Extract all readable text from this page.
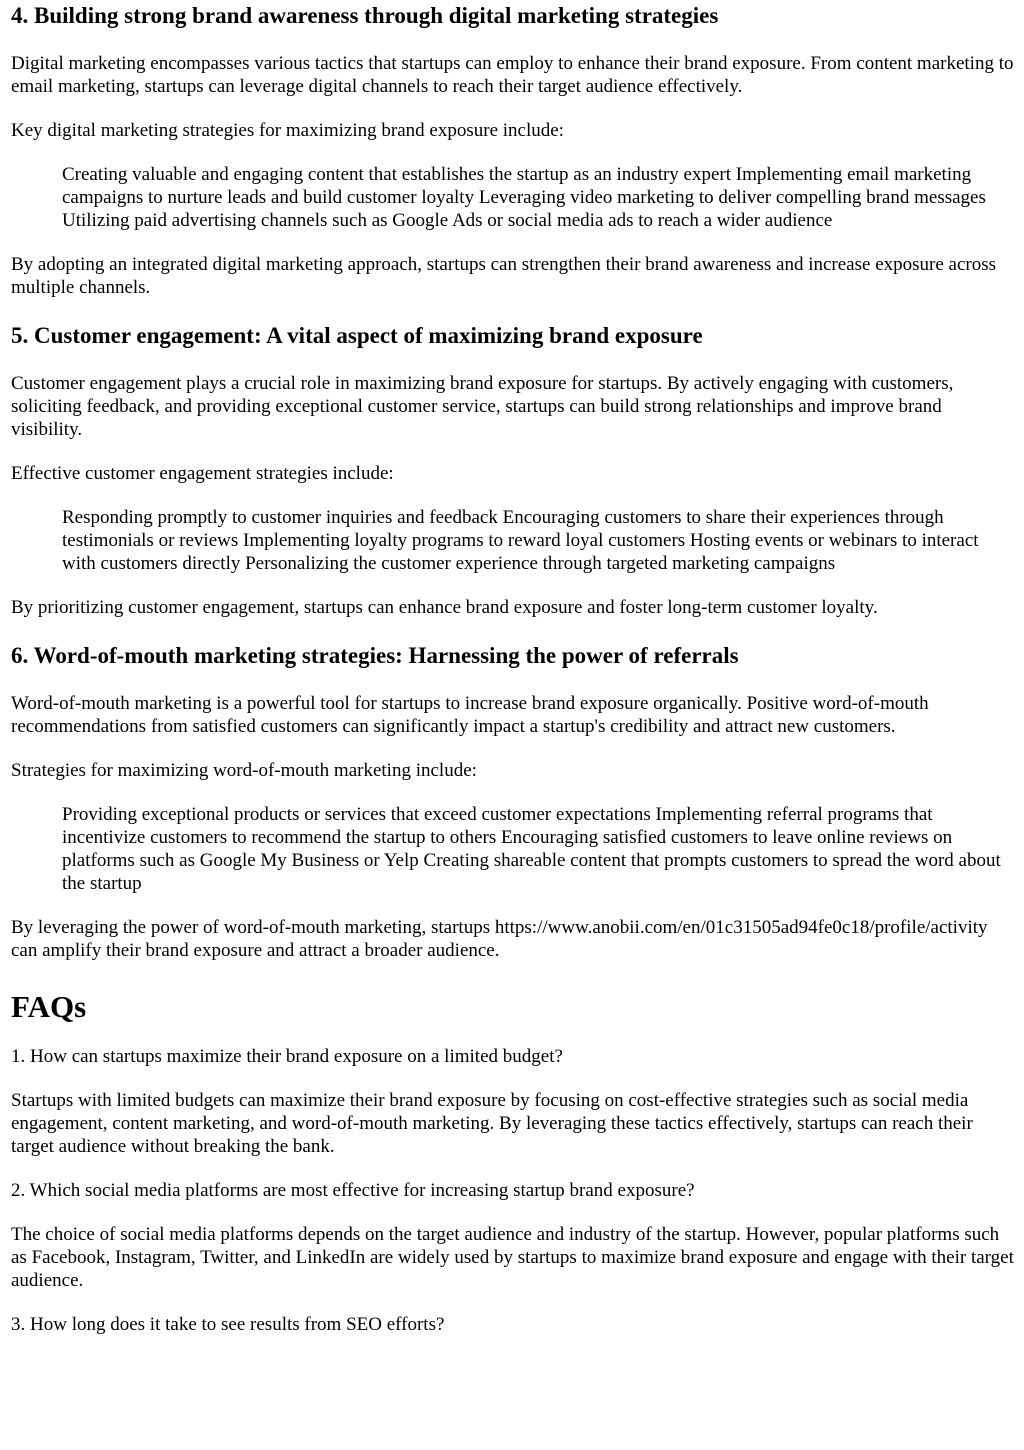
4. Building strong brand awareness through digital marketing strategies

Digital marketing encompasses various tactics that startups can employ to enhance their brand exposure. From content marketing to email marketing, startups can leverage digital channels to reach their target audience effectively.

Key digital marketing strategies for maximizing brand exposure include:

Creating valuable and engaging content that establishes the startup as an industry expert Implementing email marketing campaigns to nurture leads and build customer loyalty Leveraging video marketing to deliver compelling brand messages Utilizing paid advertising channels such as Google Ads or social media ads to reach a wider audience

By adopting an integrated digital marketing approach, startups can strengthen their brand awareness and increase exposure across multiple channels.

5. Customer engagement: A vital aspect of maximizing brand exposure

Customer engagement plays a crucial role in maximizing brand exposure for startups. By actively engaging with customers, soliciting feedback, and providing exceptional customer service, startups can build strong relationships and improve brand visibility.

Effective customer engagement strategies include:

Responding promptly to customer inquiries and feedback Encouraging customers to share their experiences through testimonials or reviews Implementing loyalty programs to reward loyal customers Hosting events or webinars to interact with customers directly Personalizing the customer experience through targeted marketing campaigns

By prioritizing customer engagement, startups can enhance brand exposure and foster long-term customer loyalty.

6. Word-of-mouth marketing strategies: Harnessing the power of referrals

Word-of-mouth marketing is a powerful tool for startups to increase brand exposure organically. Positive word-of-mouth recommendations from satisfied customers can significantly impact a startup's credibility and attract new customers.

Strategies for maximizing word-of-mouth marketing include:

Providing exceptional products or services that exceed customer expectations Implementing referral programs that incentivize customers to recommend the startup to others Encouraging satisfied customers to leave online reviews on platforms such as Google My Business or Yelp Creating shareable content that prompts customers to spread the word about the startup

By leveraging the power of word-of-mouth marketing, startups https://www.anobii.com/en/01c31505ad94fe0c18/profile/activity can amplify their brand exposure and attract a broader audience.

FAQs

1. How can startups maximize their brand exposure on a limited budget?

Startups with limited budgets can maximize their brand exposure by focusing on cost-effective strategies such as social media engagement, content marketing, and word-of-mouth marketing. By leveraging these tactics effectively, startups can reach their target audience without breaking the bank.

2. Which social media platforms are most effective for increasing startup brand exposure?

The choice of social media platforms depends on the target audience and industry of the startup. However, popular platforms such as Facebook, Instagram, Twitter, and LinkedIn are widely used by startups to maximize brand exposure and engage with their target audience.

3. How long does it take to see results from SEO efforts?
